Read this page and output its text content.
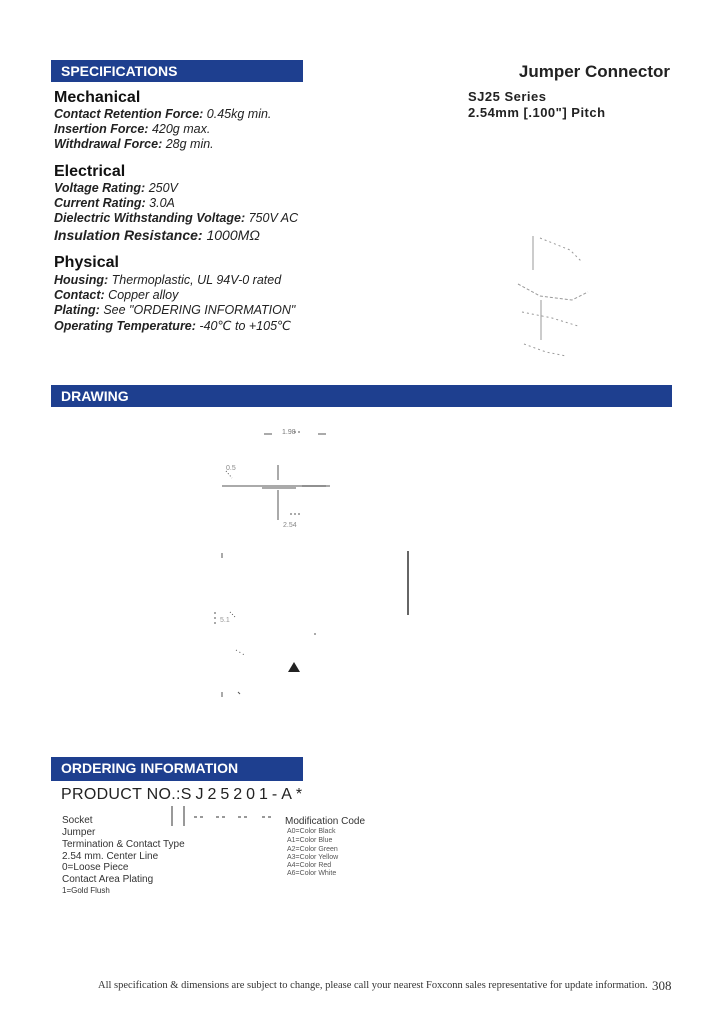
SPECIFICATIONS	Jumper Connector
SJ25 Series
2.54mm [.100"] Pitch
Mechanical
Contact Retention Force: 0.45kg min.
Insertion Force: 420g max.
Withdrawal Force: 28g min.
Electrical
Voltage Rating: 250V
Current Rating: 3.0A
Dielectric Withstanding Voltage: 750V AC
Insulation Resistance: 1000MΩ
Physical
Housing: Thermoplastic, UL 94V-0 rated
Contact: Copper alloy
Plating: See "ORDERING INFORMATION"
Operating Temperature: -40℃ to +105℃
DRAWING
ORDERING INFORMATION
1.98
0.5
2.54
5.1
PRODUCT NO.:SJ25201-A*
Socket
Jumper
Termination & Contact Type
2.54 mm. Center Line
0=Loose Piece
Contact Area Plating
1=Gold Flush
Modification Code
A0=Color Black
A1=Color Blue
A2=Color Green
A3=Color Yellow
A4=Color Red
A6=Color White
All specification & dimensions are subject to change, please call your nearest Foxconn sales representative for update information. 308
